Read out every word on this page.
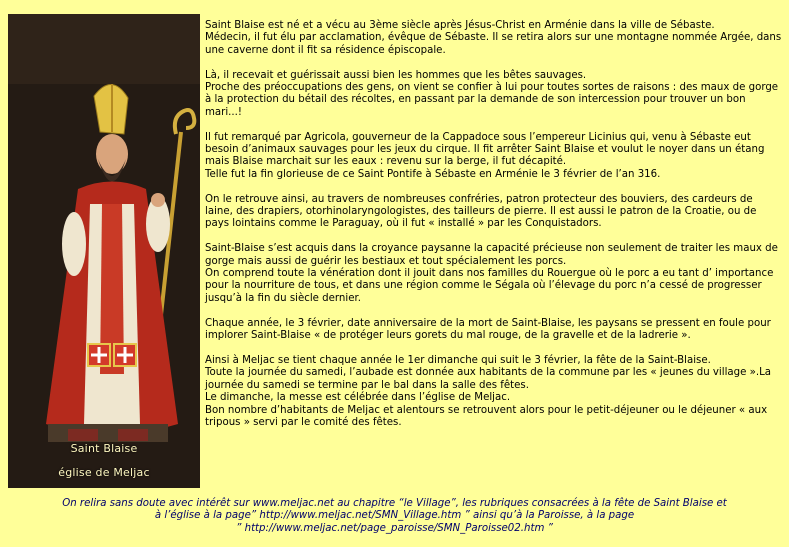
Saint Blaise
église de Meljac

Saint Blaise est né et a vécu au 3ème siècle après Jésus-Christ en Arménie dans la ville de Sébaste.
Médecin, il fut élu par acclamation, évêque de Sébaste. Il se retira alors sur une montagne nommée Argée, dans une caverne dont il fit sa résidence épiscopale.

Là, il recevait et guérissait aussi bien les hommes que les bêtes sauvages.
Proche des préoccupations des gens, on vient se confier à lui pour toutes sortes de raisons : des maux de gorge à la protection du bétail des récoltes, en passant par la demande de son intercession pour trouver un bon mari...!

Il fut remarqué par Agricola, gouverneur de la Cappadoce sous l’empereur Licinius qui, venu à Sébaste eut besoin d’animaux sauvages pour les jeux du cirque. Il fit arrêter Saint Blaise et voulut le noyer dans un étang mais Blaise marchait sur les eaux : revenu sur la berge, il fut décapité.
Telle fut la fin glorieuse de ce Saint Pontife à Sébaste en Arménie le 3 février de l’an 316.

On le retrouve ainsi, au travers de nombreuses confréries, patron protecteur des bouviers, des cardeurs de laine, des drapiers, otorhinolaryngologistes, des tailleurs de pierre. Il est aussi le patron de la Croatie, ou de pays lointains comme le Paraguay, où il fut « installé » par les Conquistadors.

Saint-Blaise s’est acquis dans la croyance paysanne la capacité précieuse non seulement de traiter les maux de gorge mais aussi de guérir les bestiaux et tout spécialement les porcs.
On comprend toute la vénération dont il jouit dans nos familles du Rouergue où le porc a eu tant d’ importance pour la nourriture de tous, et dans une région comme le Ségala où l’élevage du porc n’a cessé de progresser jusqu’à la fin du siècle dernier.

Chaque année, le 3 février, date anniversaire de la mort de Saint-Blaise, les paysans se pressent en foule pour implorer Saint-Blaise « de protéger leurs gorets du mal rouge, de la gravelle et de la ladrerie ».

Ainsi à Meljac se tient chaque année le 1er dimanche qui suit le 3 février, la fête de la Saint-Blaise.
Toute la journée du samedi, l’aubade est donnée aux habitants de la commune par les « jeunes du village ».La journée du samedi se termine par le bal dans la salle des fêtes.
Le dimanche, la messe est célébrée dans l’église de Meljac.
Bon nombre d’habitants de Meljac et alentours se retrouvent alors pour le petit-déjeuner ou le déjeuner « aux tripous » servi par le comité des fêtes.

On relira sans doute avec intérêt sur www.meljac.net au chapitre “le Village”, les rubriques consacrées à la fête de Saint Blaise et
à l’église à la page” http://www.meljac.net/SMN_Village.htm ” ainsi qu’à la Paroisse, à la page
” http://www.meljac.net/page_paroisse/SMN_Paroisse02.htm ”
